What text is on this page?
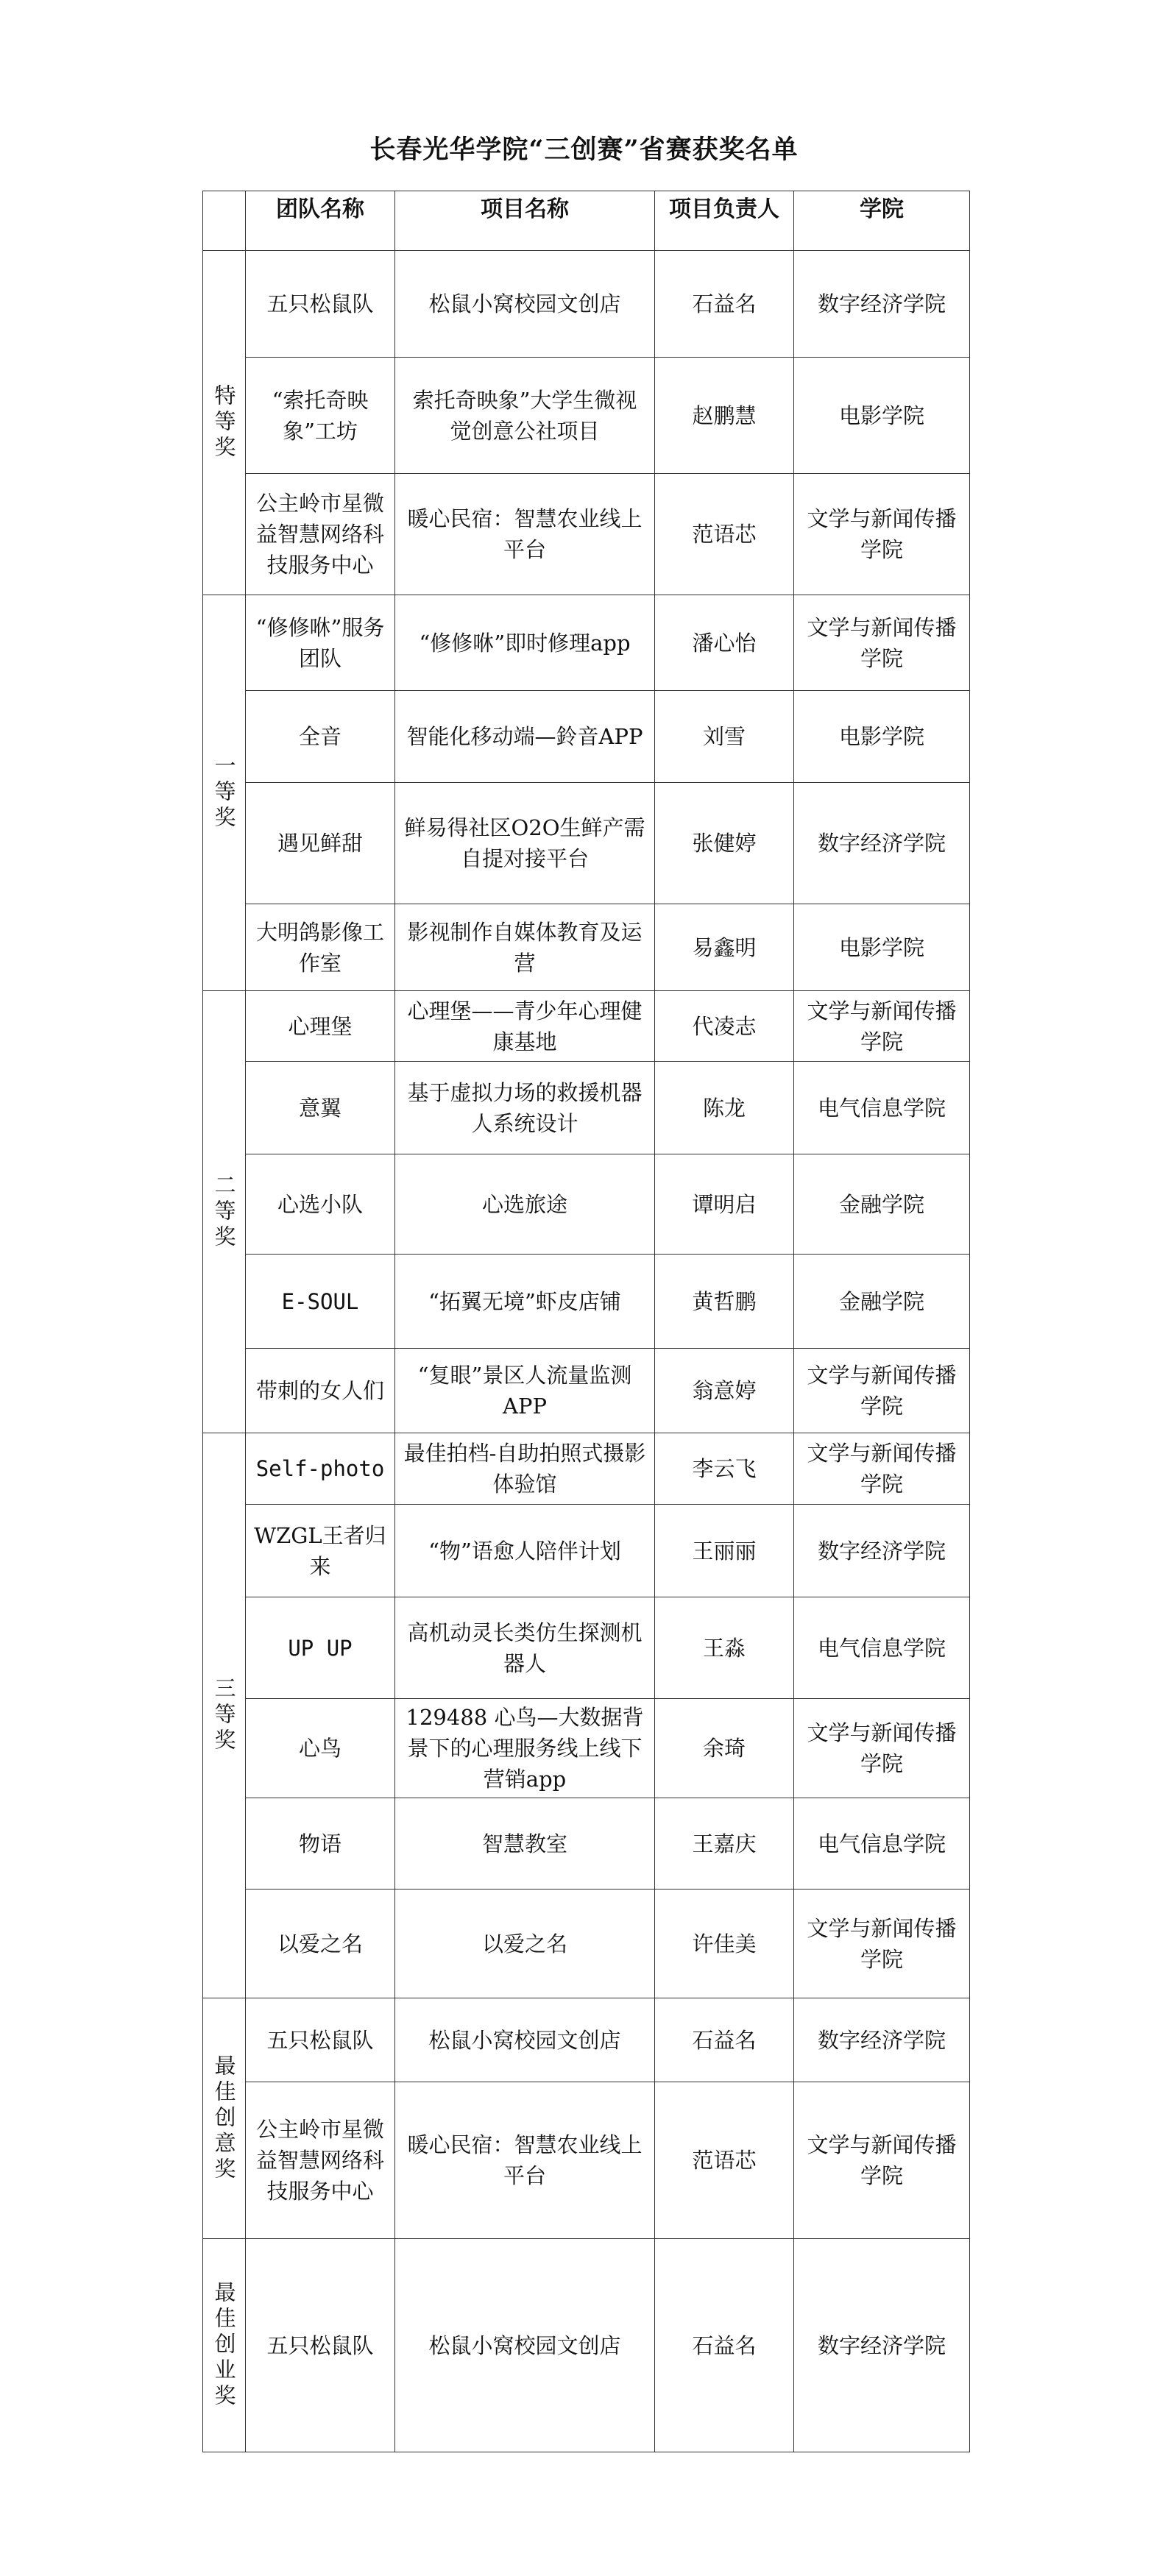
长春光华学院“三创赛”省赛获奖名单
	团队名称	项目名称	项目负责人	学院
特等奖	五只松鼠队	松鼠小窝校园文创店	石益名	数字经济学院
	“索托奇映象”工坊	索托奇映象”大学生微视觉创意公社项目	赵鹏慧	电影学院
	公主岭市星微益智慧网络科技服务中心	暖心民宿：智慧农业线上平台	范语芯	文学与新闻传播学院
一等奖	“修修咻”服务团队	“修修咻”即时修理app	潘心怡	文学与新闻传播学院
	全音	智能化移动端—鈴音APP	刘雪	电影学院
	遇见鲜甜	鲜易得社区O2O生鲜产需自提对接平台	张健婷	数字经济学院
	大明鸽影像工作室	影视制作自媒体教育及运营	易鑫明	电影学院
二等奖	心理堡	心理堡——青少年心理健康基地	代凌志	文学与新闻传播学院
	意翼	基于虚拟力场的救援机器人系统设计	陈龙	电气信息学院
	心选小队	心选旅途	谭明启	金融学院
	E-SOUL	“拓翼无境”虾皮店铺	黄哲鹏	金融学院
	带刺的女人们	“复眼”景区人流量监测APP	翁意婷	文学与新闻传播学院
三等奖	Self-photo	最佳拍档-自助拍照式摄影体验馆	李云飞	文学与新闻传播学院
	WZGL王者归来	“物”语愈人陪伴计划	王丽丽	数字经济学院
	UP UP	高机动灵长类仿生探测机器人	王淼	电气信息学院
	心鸟	129488 心鸟—大数据背景下的心理服务线上线下营销app	余琦	文学与新闻传播学院
	物语	智慧教室	王嘉庆	电气信息学院
	以爱之名	以爱之名	许佳美	文学与新闻传播学院
最佳创意奖	五只松鼠队	松鼠小窝校园文创店	石益名	数字经济学院
	公主岭市星微益智慧网络科技服务中心	暖心民宿：智慧农业线上平台	范语芯	文学与新闻传播学院
最佳创业奖	五只松鼠队	松鼠小窝校园文创店	石益名	数字经济学院
